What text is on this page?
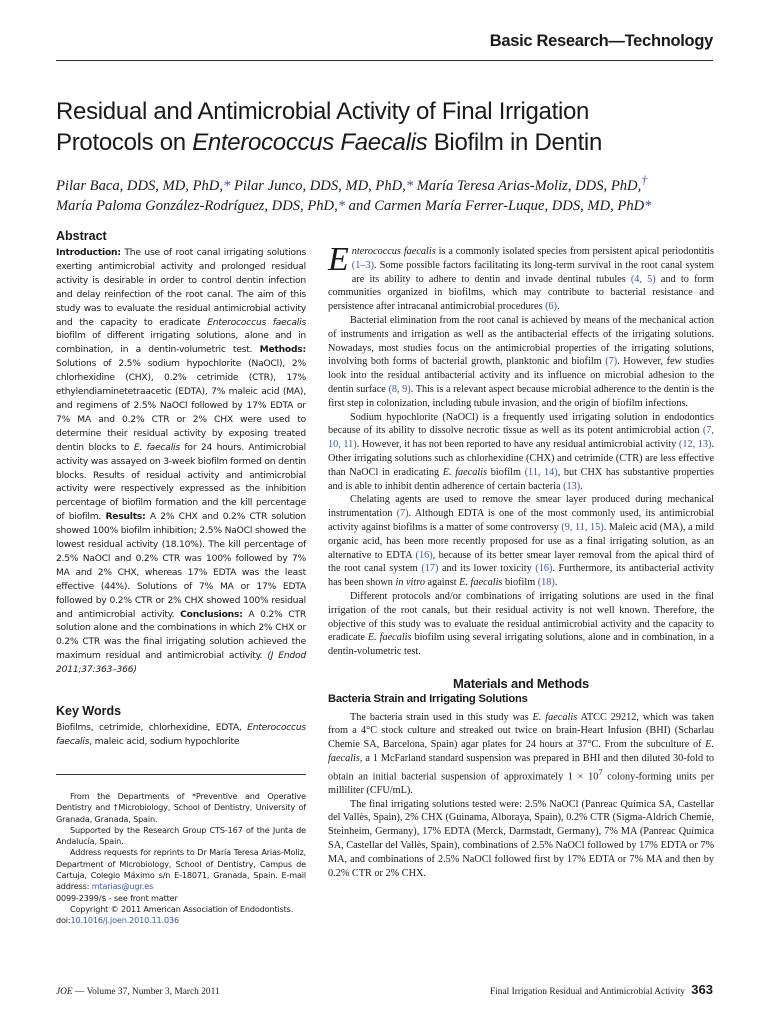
Basic Research—Technology
Residual and Antimicrobial Activity of Final Irrigation
Protocols on Enterococcus Faecalis Biofilm in Dentin
Pilar Baca, DDS, MD, PhD,* Pilar Junco, DDS, MD, PhD,* María Teresa Arias-Moliz, DDS, PhD,†
María Paloma González-Rodríguez, DDS, PhD,* and Carmen María Ferrer-Luque, DDS, MD, PhD*
Abstract

Introduction: The use of root canal irrigating solutions exerting antimicrobial activity and prolonged residual activity is desirable in order to control dentin infection and delay reinfection of the root canal. The aim of this study was to evaluate the residual antimicrobial activity and the capacity to eradicate Enterococcus faecalis biofilm of different irrigating solutions, alone and in combination, in a dentin-volumetric test. Methods: Solutions of 2.5% sodium hypochlorite (NaOCl), 2% chlorhexidine (CHX), 0.2% cetrimide (CTR), 17% ethylendiaminetetraacetic (EDTA), 7% maleic acid (MA), and regimens of 2.5% NaOCl followed by 17% EDTA or 7% MA and 0.2% CTR or 2% CHX were used to determine their residual activity by exposing treated dentin blocks to E. faecalis for 24 hours. Antimicrobial activity was assayed on 3-week biofilm formed on dentin blocks. Results of residual activity and antimicrobial activity were respectively expressed as the inhibition percentage of biofilm formation and the kill percentage of biofilm. Results: A 2% CHX and 0.2% CTR solution showed 100% biofilm inhibition; 2.5% NaOCl showed the lowest residual activity (18.10%). The kill percentage of 2.5% NaOCl and 0.2% CTR was 100% followed by 7% MA and 2% CHX, whereas 17% EDTA was the least effective (44%). Solutions of 7% MA or 17% EDTA followed by 0.2% CTR or 2% CHX showed 100% residual and antimicrobial activity. Conclusions: A 0.2% CTR solution alone and the combinations in which 2% CHX or 0.2% CTR was the final irrigating solution achieved the maximum residual and antimicrobial activity. (J Endod 2011;37:363–366)

Key Words

Biofilms, cetrimide, chlorhexidine, EDTA, Enterococcus faecalis, maleic acid, sodium hypochlorite

From the Departments of *Preventive and Operative Dentistry and †Microbiology, School of Dentistry, University of Granada, Granada, Spain.

Supported by the Research Group CTS-167 of the Junta de Andalucía, Spain.

Address requests for reprints to Dr María Teresa Arias-Moliz, Department of Microbiology, School of Dentistry, Campus de Cartuja, Colegio Máximo s/n E-18071, Granada, Spain. E-mail address: mtarias@ugr.es

0099-2399/$ - see front matter

Copyright © 2011 American Association of Endodontists.

doi:10.1016/j.joen.2010.11.036

Enterococcus faecalis is a commonly isolated species from persistent apical periodontitis (1–3). Some possible factors facilitating its long-term survival in the root canal system are its ability to adhere to dentin and invade dentinal tubules (4, 5) and to form communities organized in biofilms, which may contribute to bacterial resistance and persistence after intracanal antimicrobial procedures (6).

Bacterial elimination from the root canal is achieved by means of the mechanical action of instruments and irrigation as well as the antibacterial effects of the irrigating solutions. Nowadays, most studies focus on the antimicrobial properties of the irrigating solutions, involving both forms of bacterial growth, planktonic and biofilm (7). However, few studies look into the residual antibacterial activity and its influence on microbial adhesion to the dentin surface (8, 9). This is a relevant aspect because microbial adherence to the dentin is the first step in colonization, including tubule invasion, and the origin of biofilm infections.

Sodium hypochlorite (NaOCl) is a frequently used irrigating solution in endodontics because of its ability to dissolve necrotic tissue as well as its potent antimicrobial action (7, 10, 11). However, it has not been reported to have any residual antimicrobial activity (12, 13). Other irrigating solutions such as chlorhexidine (CHX) and cetrimide (CTR) are less effective than NaOCl in eradicating E. faecalis biofilm (11, 14), but CHX has substantive properties and is able to inhibit dentin adherence of certain bacteria (13).

Chelating agents are used to remove the smear layer produced during mechanical instrumentation (7). Although EDTA is one of the most commonly used, its antimicrobial activity against biofilms is a matter of some controversy (9, 11, 15). Maleic acid (MA), a mild organic acid, has been more recently proposed for use as a final irrigating solution, as an alternative to EDTA (16), because of its better smear layer removal from the apical third of the root canal system (17) and its lower toxicity (16). Furthermore, its antibacterial activity has been shown in vitro against E. faecalis biofilm (18).

Different protocols and/or combinations of irrigating solutions are used in the final irrigation of the root canals, but their residual activity is not well known. Therefore, the objective of this study was to evaluate the residual antimicrobial activity and the capacity to eradicate E. faecalis biofilm using several irrigating solutions, alone and in combination, in a dentin-volumetric test.

Materials and Methods
Bacteria Strain and Irrigating Solutions

The bacteria strain used in this study was E. faecalis ATCC 29212, which was taken from a 4°C stock culture and streaked out twice on brain-Heart Infusion (BHI) (Scharlau Chemie SA, Barcelona, Spain) agar plates for 24 hours at 37°C. From the subculture of E. faecalis, a 1 McFarland standard suspension was prepared in BHI and then diluted 30-fold to obtain an initial bacterial suspension of approximately $1 \times 10^7$ colony-forming units per milliliter (CFU/mL).

The final irrigating solutions tested were: 2.5% NaOCl (Panreac Química SA, Castellar del Vallès, Spain), 2% CHX (Guinama, Alboraya, Spain), 0.2% CTR (Sigma-Aldrich Chemie, Steinheim, Germany), 17% EDTA (Merck, Darmstadt, Germany), 7% MA (Panreac Química SA, Castellar del Vallès, Spain), combinations of 2.5% NaOCl followed by 17% EDTA or 7% MA, and combinations of 2.5% NaOCl followed first by 17% EDTA or 7% MA and then by 0.2% CTR or 2% CHX.

JOE — Volume 37, Number 3, March 2011	Final Irrigation Residual and Antimicrobial Activity 363
